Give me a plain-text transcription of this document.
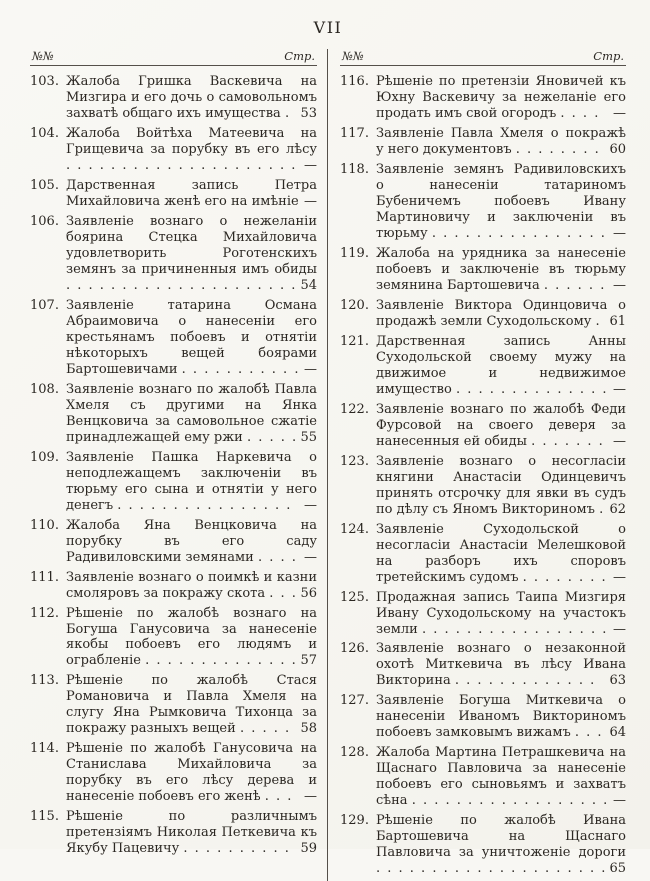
VII
№№	Стр.
103. Жалоба Гришка Васкевича на Мизгира и его дочь о самовольномъ захватѣ общаго ихъ имущества . 53
104. Жалоба Войтѣха Матеевича на Грищевича за порубку въ его лѣсу . . . . . . . . . . . . . . . . . . . . . —
105. Дарственная запись Петра Михайловича женѣ его на имѣніе —
106. Заявленіе вознаго о нежеланіи боярина Стецка Михайловича удовлетворить Роготенскихъ земянъ за причиненныя имъ обиды . . . . . . . . . . . . . . . . . . . . . 54
107. Заявленіе татарина Османа Абраимовича о нанесеніи его крестьянамъ побоевъ и отнятіи нѣкоторыхъ вещей боярами Бартошевичами . . . . . . . . . . . —
108. Заявленіе вознаго по жалобѣ Павла Хмеля съ другими на Янка Венцковича за самовольное сжатіе принадлежащей ему ржи . . . . . 55
109. Заявленіе Пашка Наркевича о неподлежащемъ заключеніи въ тюрьму его сына и отнятіи у него денегъ . . . . . . . . . . . . . . . . —
110. Жалоба Яна Венцковича на порубку въ его саду Радивиловскими земянами . . . . —
111. Заявленіе вознаго о поимкѣ и казни смоляровъ за покражу скота . . . 56
112. Рѣшеніе по жалобѣ вознаго на Богуша Ганусовича за нанесеніе якобы побоевъ его людямъ и ограбленіе . . . . . . . . . . . . . . 57
113. Рѣшеніе по жалобѣ Стася Романовича и Павла Хмеля на слугу Яна Рымковича Тихонца за покражу разныхъ вещей . . . . . 58
114. Рѣшеніе по жалобѣ Ганусовича на Станислава Михайловича за порубку въ его лѣсу дерева и нанесеніе побоевъ его женѣ . . . —
115. Рѣшеніе по различнымъ претензіямъ Николая Петкевича къ Якубу Пацевичу . . . . . . . . . . 59
№№	Стр.
116. Рѣшеніе по претензіи Яновичей къ Юхну Васкевичу за нежеланіе его продать имъ свой огородъ . . . . —
117. Заявленіе Павла Хмеля о покражѣ у него документовъ . . . . . . . . 60
118. Заявленіе земянъ Радивиловскихъ о нанесеніи татариномъ Бубеничемъ побоевъ Ивану Мартиновичу и заключеніи въ тюрьму . . . . . . . . . . . . . . . . —
119. Жалоба на урядника за нанесеніе побоевъ и заключеніе въ тюрьму земянина Бартошевича . . . . . . —
120. Заявленіе Виктора Одинцовича о продажѣ земли Суходольскому . 61
121. Дарственная запись Анны Суходольской своему мужу на движимое и недвижимое имущество . . . . . . . . . . . . . . —
122. Заявленіе вознаго по жалобѣ Феди Фурсовой на своего деверя за нанесенныя ей обиды . . . . . . . —
123. Заявленіе вознаго о несогласіи княгини Анастасіи Одинцевичъ принять отсрочку для явки въ судъ по дѣлу съ Яномъ Викториномъ . 62
124. Заявленіе Суходольской о несогласіи Анастасіи Мелешковой на разборъ ихъ споровъ третейскимъ судомъ . . . . . . . . —
125. Продажная запись Таипа Мизгиря Ивану Суходольскому на участокъ земли . . . . . . . . . . . . . . . . . —
126. Заявленіе вознаго о незаконной охотѣ Миткевича въ лѣсу Ивана Викторина . . . . . . . . . . . . . 63
127. Заявленіе Богуша Миткевича о нанесеніи Иваномъ Викториномъ побоевъ замковымъ вижамъ . . . 64
128. Жалоба Мартина Петрашкевича на Щаснаго Павловича за нанесеніе побоевъ его сыновьямъ и захватъ сѣна . . . . . . . . . . . . . . . . . . —
129. Рѣшеніе по жалобѣ Ивана Бартошевича на Щаснаго Павловича за уничтоженіе дороги . . . . . . . . . . . . . . . . . . . . . 65
